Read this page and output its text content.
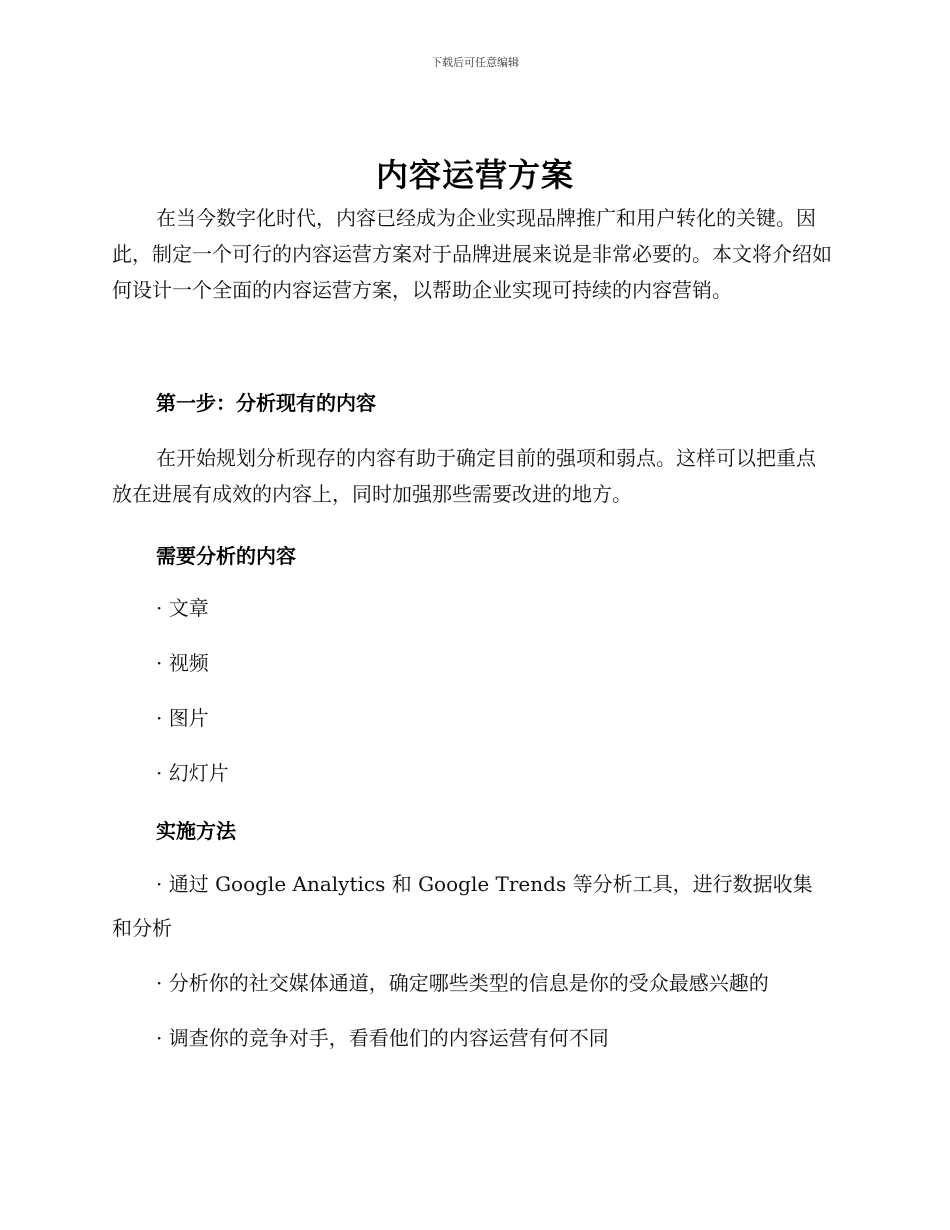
下载后可任意编辑
内容运营方案

在当今数字化时代，内容已经成为企业实现品牌推广和用户转化的关键。因此，制定一个可行的内容运营方案对于品牌进展来说是非常必要的。本文将介绍如何设计一个全面的内容运营方案，以帮助企业实现可持续的内容营销。

第一步：分析现有的内容

在开始规划分析现存的内容有助于确定目前的强项和弱点。这样可以把重点放在进展有成效的内容上，同时加强那些需要改进的地方。

需要分析的内容
· 文章
· 视频
· 图片
· 幻灯片
实施方法
· 通过 Google Analytics 和 Google Trends 等分析工具，进行数据收集和分析
· 分析你的社交媒体通道，确定哪些类型的信息是你的受众最感兴趣的
· 调查你的竞争对手，看看他们的内容运营有何不同
